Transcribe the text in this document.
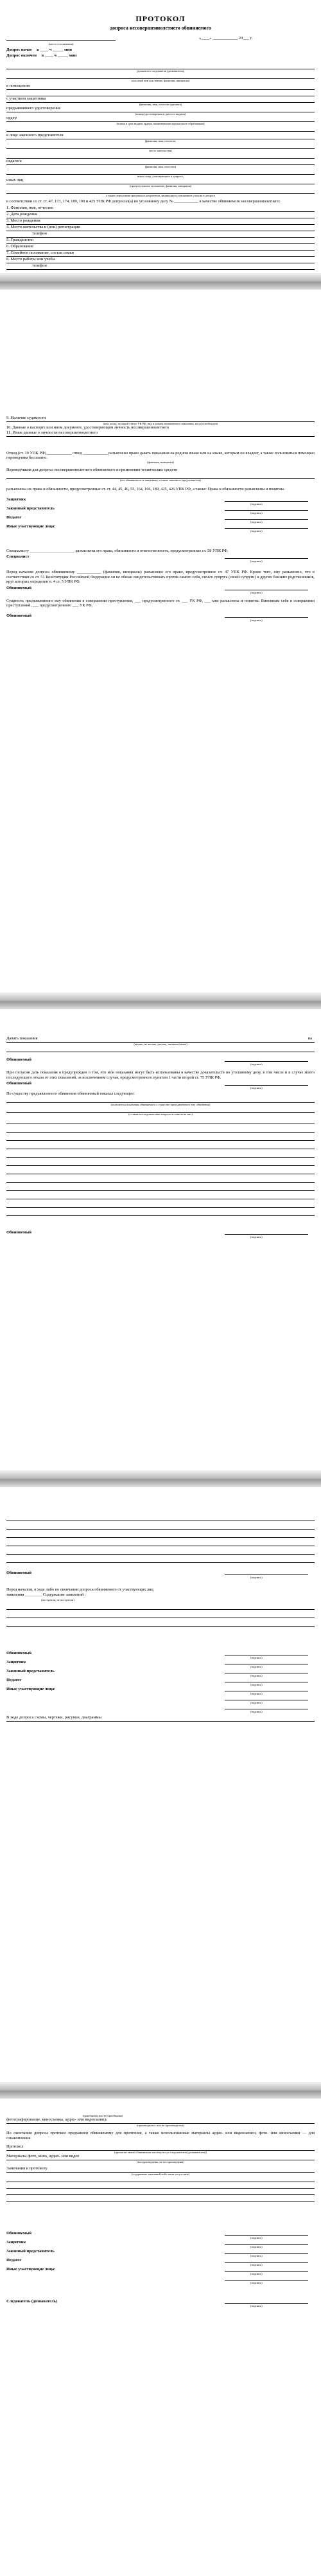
ПРОТОКОЛ
допроса несовершеннолетнего обвиняемого
«____» ____________ 20___ г.
(место составления)
Допрос начат в ____ ч _____ мин
Допрос окончен в ____ ч _____ мин
(должность следователя (дознавателя),
классный чин или звание, фамилия, инициалы)
в помещении
с участием защитника
(фамилия, имя, отчество адвоката)
предъявившего удостоверение
(номер удостоверения и дата его выдачи)
ордер
(номер и дата выдачи ордера, наименование адвокатского образования)
в лице законного представителя
(фамилия, имя, отчество,
место жительства)
педагога
(фамилия, имя, отчество)
иного лица, участвующего в допросе,
иных лиц
(процессуальное положение, фамилия, инициалы)
а также перед ними оригиналов документов, являющихся основанием участия в допросе
в соответствии со ст. ст. 47, 173, 174, 189, 190 и 425 УПК РФ допросил(а) по уголовному делу № ____________ в качестве обвиняемого несовершеннолетнего:
1. Фамилия, имя, отчество
2. Дата рождения
3. Место рождения
4. Место жительства и (или) регистрации
телефон
5. Гражданство
6. Образование
7. Семейное положение, состав семьи
8. Место работы или учебы
телефон
9. Наличие судимости
(кем, когда, по какой статье УК РФ, вид и размер назначенного наказания, когда освобожден)
10. Данные о паспорте или ином документе, удостоверяющем личность несовершеннолетнего
11. Иные данные о личности несовершеннолетнего
Отвод (ст. 19 УПК РФ) ____________ отвод ____________ разъяснено право давать показания на родном языке или на языке, которым он владеет, а также пользоваться помощью переводчика бесплатно.
(фамилия, инициалы)
Переводчиком для допроса несовершеннолетнего обвиняемого в применении технических средств
(его обвиняемого и защитника, а также законного представителя)
разъяснены их права и обязанности, предусмотренные ст. ст. 44, 45, 46, 55, 164, 166, 189, 425, 426 УПК РФ, а также: Права и обязанности разъяснены и понятны.
Защитник
(подпись)
Законный представитель
(подпись)
Педагог
(подпись)
Иные участвующие лица:
(подпись)
Специалисту ______________________ разъяснены его права, обязанности и ответственность, предусмотренные ст. 58 УПК РФ.
Специалист
(подпись)
Перед началом допроса обвиняемому ____________ (фамилия, инициалы) разъяснено его право, предусмотренное ст. 47 УПК РФ. Кроме того, ему разъяснено, что в соответствии со ст. 51 Конституции Российской Федерации он не обязан свидетельствовать против самого себя, своего супруга (своей супруги) и других близких родственников, круг которых определен п. 4 ст. 5 УПК РФ.
Обвиняемый
(подпись)
Сущность предъявленного ему обвинения в совершении преступления, ___ предусмотренного ст. ___ УК РФ, ___ мне разъяснена и понятна. Виновным себя в совершении преступлений, ___ предусмотренного ___ УК РФ,
Обвиняемый
(подпись)
Давать показания	на
(желаю, не желаю, указать, на каком языке)
Обвиняемый
(подпись)
При согласии дать показания я предупрежден о том, что мои показания могут быть использованы в качестве доказательств по уголовному делу, в том числе и в случае моего последующего отказа от этих показаний, за исключением случая, предусмотренного пунктом 1 части второй ст. 75 УПК РФ.
Обвиняемый
(подпись)
По существу предъявленного обвинения обвиняемый показал следующее:
(излагаются показания обвиняемого о существе предъявленного ему обвинения)
(а также последовательно вопросы и ответы на них)
Обвиняемый
(подпись)
Обвиняемый
(подпись)
Перед началом, в ходе либо по окончании допроса обвиняемого от участвующих лиц
заявления ________ Содержание заявлений :
(поступили, не поступили)
Обвиняемый
(подпись)
Защитник
(подпись)
Законный представитель
(подпись)
Педагог
(подпись)
Иные участвующие лица:
(подпись)
(подпись)
(подпись)
В ходе допроса схемы, чертежи, рисунки, диаграммы
(приобщены или не приобщены)
фотографирование, киносъемка, аудио- или видеозапись
(производилась или не производилась)
По окончании допроса протокол предъявлен обвиняемому для прочтения, а также использованные материалы аудио- или видеозаписи, фото- или киносъемки — для ознакомления.
Протокол
(прочитан лично обвиняемым или ему вслух следователем (дознавателем))
Материалы фото, кино, аудио- или видео
(воспроизведены, не воспроизведены)
Замечания к протоколу
(содержание замечаний либо на их отсутствие)
Обвиняемый
(подпись)
Защитник
(подпись)
Законный представитель
(подпись)
Педагог
(подпись)
Иные участвующие лица:
(подпись)
(подпись)
Следователь (дознаватель)
(подпись)
